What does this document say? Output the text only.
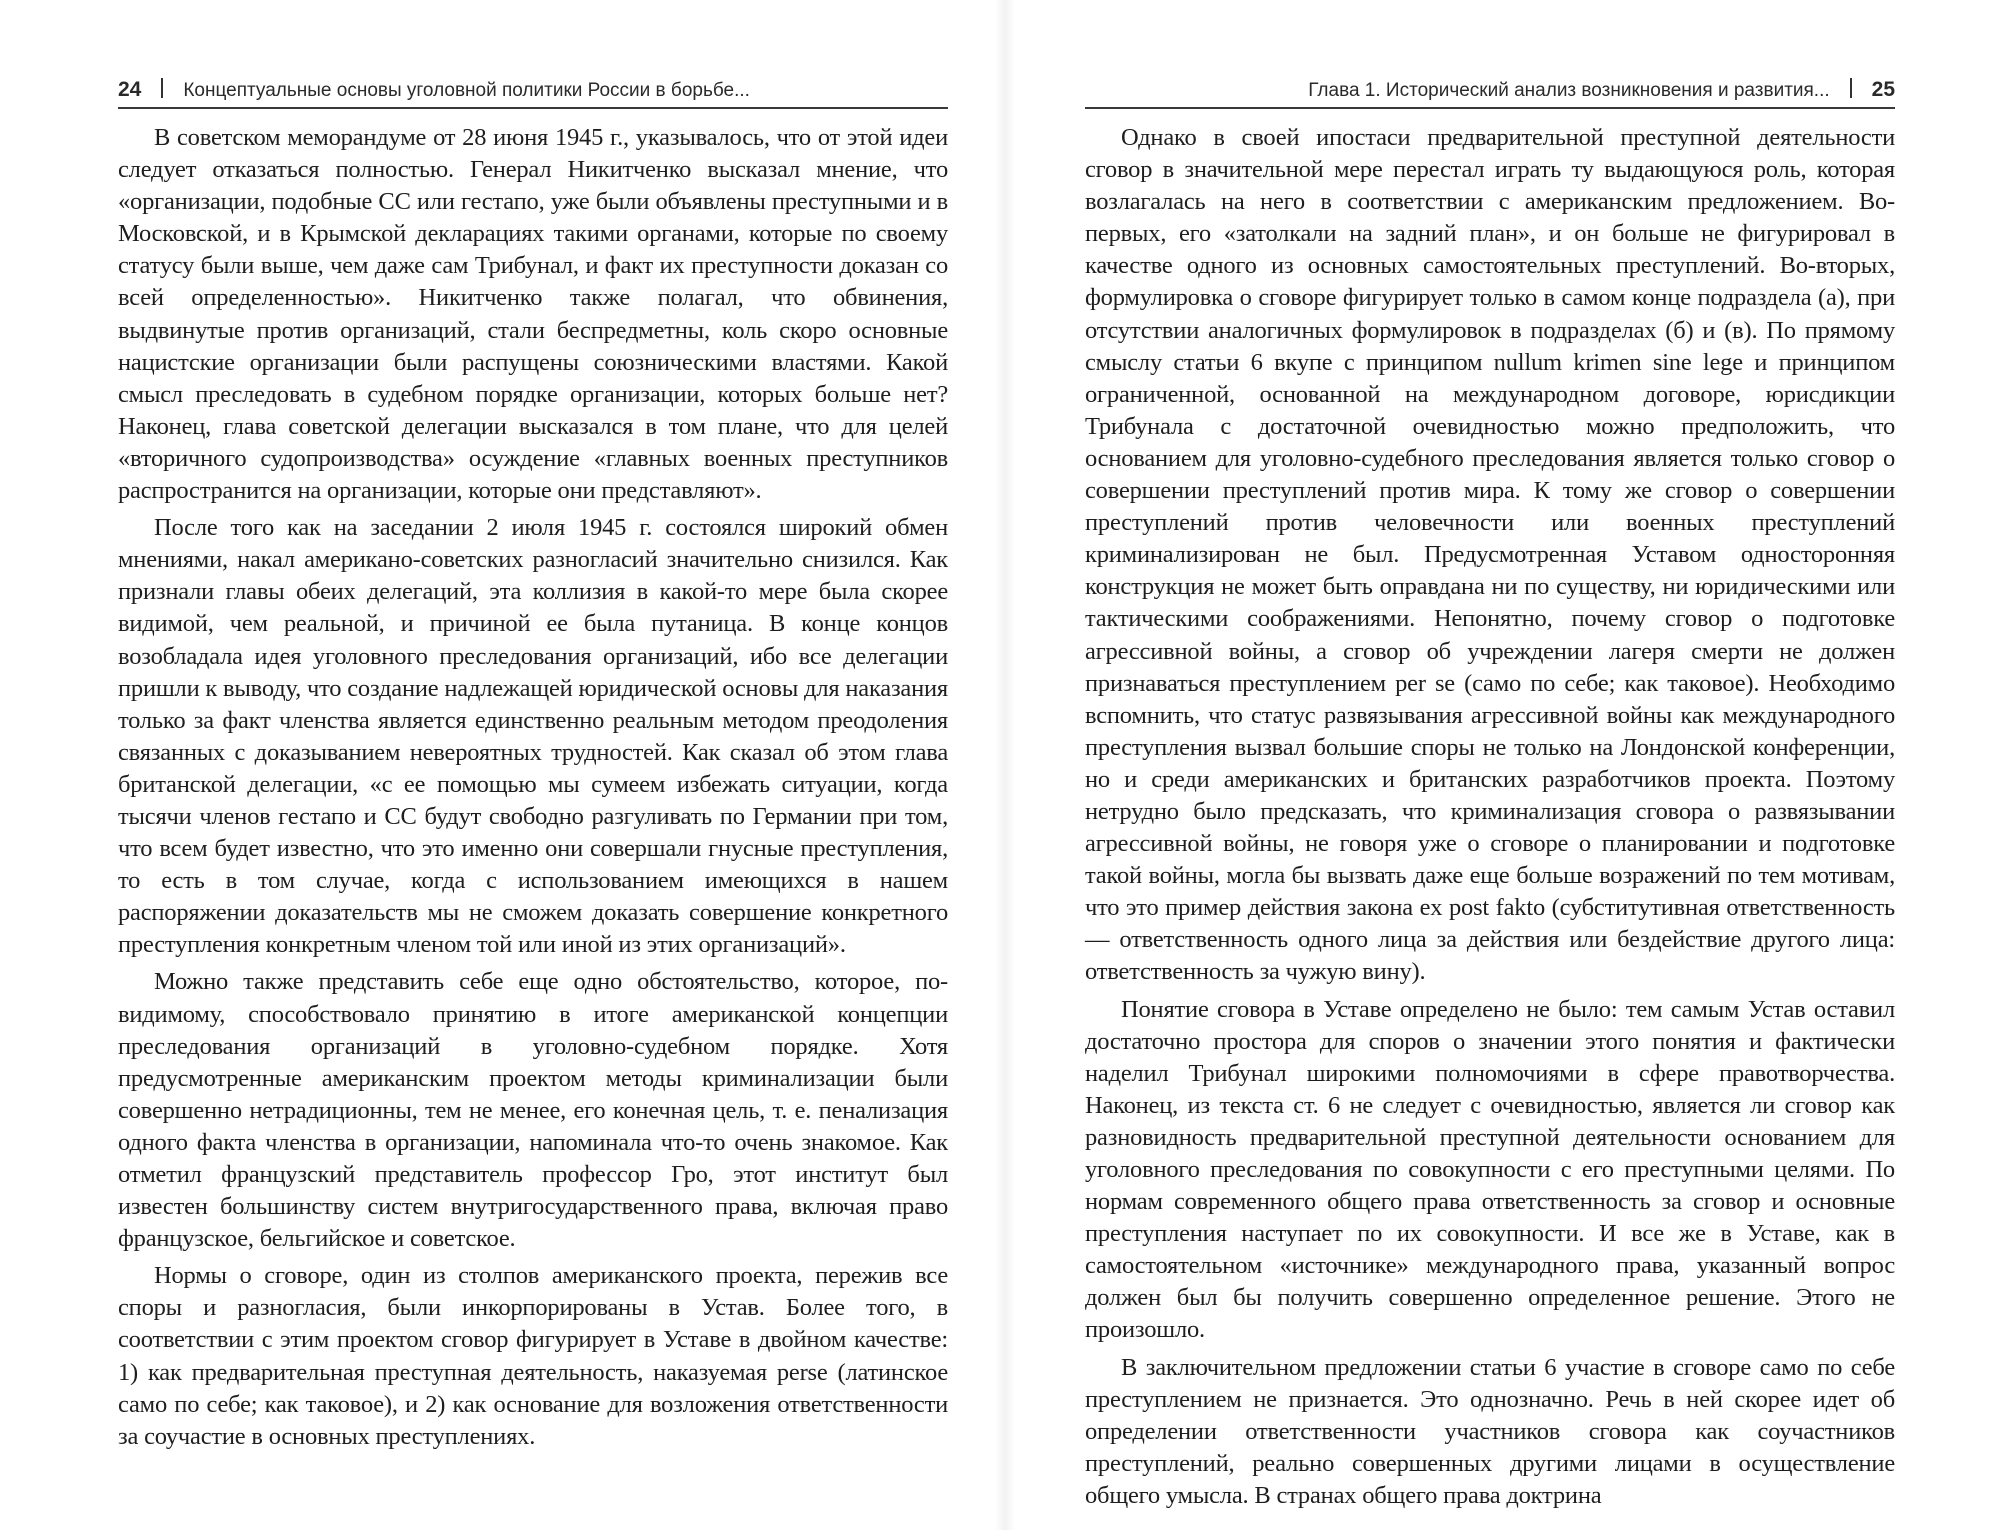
24 Концептуальные основы уголовной политики России в борьбе...

В советском меморандуме от 28 июня 1945 г., указывалось, что от этой идеи следует отказаться полностью. Генерал Никитченко высказал мнение, что «организации, подобные СС или гестапо, уже были объявлены преступными и в Московской, и в Крымской декларациях такими органами, которые по своему статусу были выше, чем даже сам Трибунал, и факт их преступности доказан со всей определенностью». Никитченко также полагал, что обвинения, выдвинутые против организаций, стали беспредметны, коль скоро основные нацистские организации были распущены союзническими властями. Какой смысл преследовать в судебном порядке организации, которых больше нет? Наконец, глава советской делегации высказался в том плане, что для целей «вторичного судопроизводства» осуждение «главных военных преступников распространится на организации, которые они представляют».

После того как на заседании 2 июля 1945 г. состоялся широкий обмен мнениями, накал американо-советских разногласий значительно снизился. Как признали главы обеих делегаций, эта коллизия в какой-то мере была скорее видимой, чем реальной, и причиной ее была путаница. В конце концов возобладала идея уголовного преследования организаций, ибо все делегации пришли к выводу, что создание надлежащей юридической основы для наказания только за факт членства является единственно реальным методом преодоления связанных с доказыванием невероятных трудностей. Как сказал об этом глава британской делегации, «с ее помощью мы сумеем избежать ситуации, когда тысячи членов гестапо и СС будут свободно разгуливать по Германии при том, что всем будет известно, что это именно они совершали гнусные преступления, то есть в том случае, когда с использованием имеющихся в нашем распоряжении доказательств мы не сможем доказать совершение конкретного преступления конкретным членом той или иной из этих организаций».

Можно также представить себе еще одно обстоятельство, которое, по-видимому, способствовало принятию в итоге американской концепции преследования организаций в уголовно-судебном порядке. Хотя предусмотренные американским проектом методы криминализации были совершенно нетрадиционны, тем не менее, его конечная цель, т. е. пенализация одного факта членства в организации, напоминала что-то очень знакомое. Как отметил французский представитель профессор Гро, этот институт был известен большинству систем внутригосударственного права, включая право французское, бельгийское и советское.

Нормы о сговоре, один из столпов американского проекта, пережив все споры и разногласия, были инкорпорированы в Устав. Более того, в соответствии с этим проектом сговор фигурирует в Уставе в двойном качестве: 1) как предварительная преступная деятельность, наказуемая perse (латинское само по себе; как таковое), и 2) как основание для возложения ответственности за соучастие в основных преступлениях.

Глава 1. Исторический анализ возникновения и развития... 25

Однако в своей ипостаси предварительной преступной деятельности сговор в значительной мере перестал играть ту выдающуюся роль, которая возлагалась на него в соответствии с американским предложением. Во-первых, его «затолкали на задний план», и он больше не фигурировал в качестве одного из основных самостоятельных преступлений. Во-вторых, формулировка о сговоре фигурирует только в самом конце подраздела (а), при отсутствии аналогичных формулировок в подразделах (б) и (в). По прямому смыслу статьи 6 вкупе с принципом nullum krimen sine lege и принципом ограниченной, основанной на международном договоре, юрисдикции Трибунала с достаточной очевидностью можно предположить, что основанием для уголовно-судебного преследования является только сговор о совершении преступлений против мира. К тому же сговор о совершении преступлений против человечности или военных преступлений криминализирован не был. Предусмотренная Уставом односторонняя конструкция не может быть оправдана ни по существу, ни юридическими или тактическими соображениями. Непонятно, почему сговор о подготовке агрессивной войны, а сговор об учреждении лагеря смерти не должен признаваться преступлением per se (само по себе; как таковое). Необходимо вспомнить, что статус развязывания агрессивной войны как международного преступления вызвал большие споры не только на Лондонской конференции, но и среди американских и британских разработчиков проекта. Поэтому нетрудно было предсказать, что криминализация сговора о развязывании агрессивной войны, не говоря уже о сговоре о планировании и подготовке такой войны, могла бы вызвать даже еще больше возражений по тем мотивам, что это пример действия закона ex post fakto (субститутивная ответственность — ответственность одного лица за действия или бездействие другого лица: ответственность за чужую вину).

Понятие сговора в Уставе определено не было: тем самым Устав оставил достаточно простора для споров о значении этого понятия и фактически наделил Трибунал широкими полномочиями в сфере правотворчества. Наконец, из текста ст. 6 не следует с очевидностью, является ли сговор как разновидность предварительной преступной деятельности основанием для уголовного преследования по совокупности с его преступными целями. По нормам современного общего права ответственность за сговор и основные преступления наступает по их совокупности. И все же в Уставе, как в самостоятельном «источнике» международного права, указанный вопрос должен был бы получить совершенно определенное решение. Этого не произошло.

В заключительном предложении статьи 6 участие в сговоре само по себе преступлением не признается. Это однозначно. Речь в ней скорее идет об определении ответственности участников сговора как соучастников преступлений, реально совершенных другими лицами в осуществление общего умысла. В странах общего права доктрина
